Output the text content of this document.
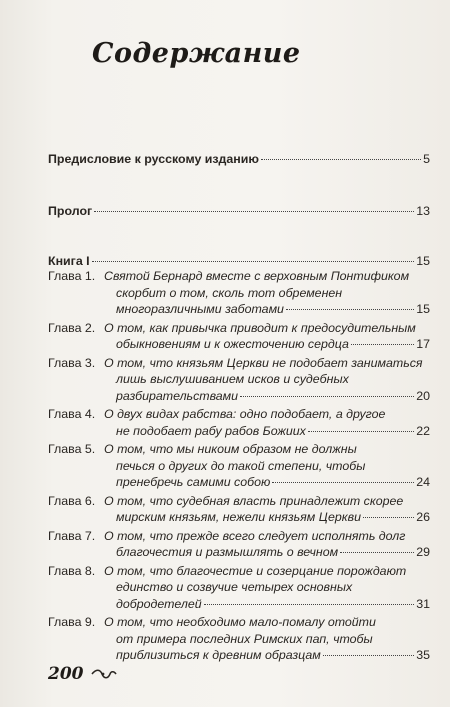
Содержание
Предисловие к русскому изданию	5
Пролог	13
Книга I	15
Глава 1. Святой Бернард вместе с верховным Понтификом
скорбит о том, сколь тот обременен
многоразличными заботами	15
Глава 2. О том, как привычка приводит к предосудительным
обыкновениям и к ожесточению сердца	17
Глава 3. О том, что князьям Церкви не подобает заниматься
лишь выслушиванием исков и судебных
разбирательствами	20
Глава 4. О двух видах рабства: одно подобает, а другое
не подобает рабу рабов Божиих	22
Глава 5. О том, что мы никоим образом не должны
печься о других до такой степени, чтобы
пренебречь самими собою	24
Глава 6. О том, что судебная власть принадлежит скорее
мирским князьям, нежели князьям Церкви	26
Глава 7. О том, что прежде всего следует исполнять долг
благочестия и размышлять о вечном	29
Глава 8. О том, что благочестие и созерцание порождают
единство и созвучие четырех основных
добродетелей	31
Глава 9. О том, что необходимо мало-помалу отойти
от примера последних Римских пап, чтобы
приблизиться к древним образцам	35
200
